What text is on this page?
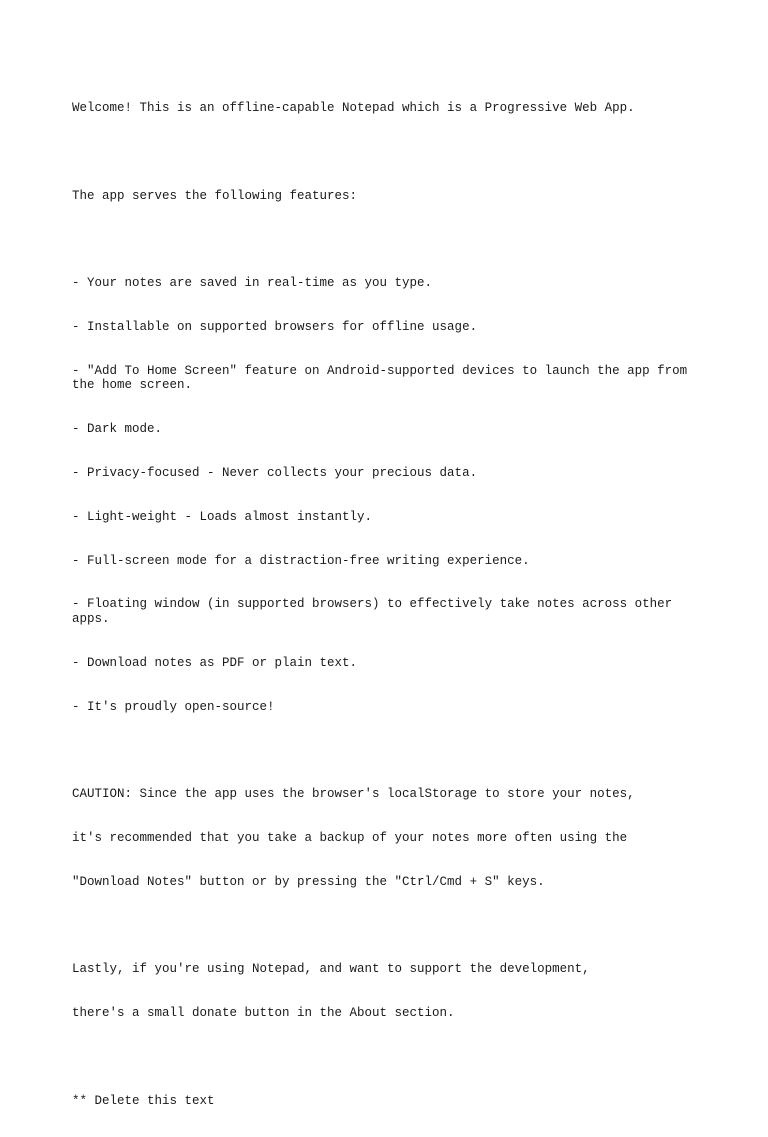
Welcome! This is an offline-capable Notepad which is a Progressive Web App.

The app serves the following features:

- Your notes are saved in real-time as you type.

- Installable on supported browsers for offline usage.

- "Add To Home Screen" feature on Android-supported devices to launch the app from the home screen.

- Dark mode.

- Privacy-focused - Never collects your precious data.

- Light-weight - Loads almost instantly.

- Full-screen mode for a distraction-free writing experience.

- Floating window (in supported browsers) to effectively take notes across other apps.

- Download notes as PDF or plain text.

- It's proudly open-source!

CAUTION: Since the app uses the browser's localStorage to store your notes,

it's recommended that you take a backup of your notes more often using the

"Download Notes" button or by pressing the "Ctrl/Cmd + S" keys.

Lastly, if you're using Notepad, and want to support the development,

there's a small donate button in the About section.

** Delete this text
